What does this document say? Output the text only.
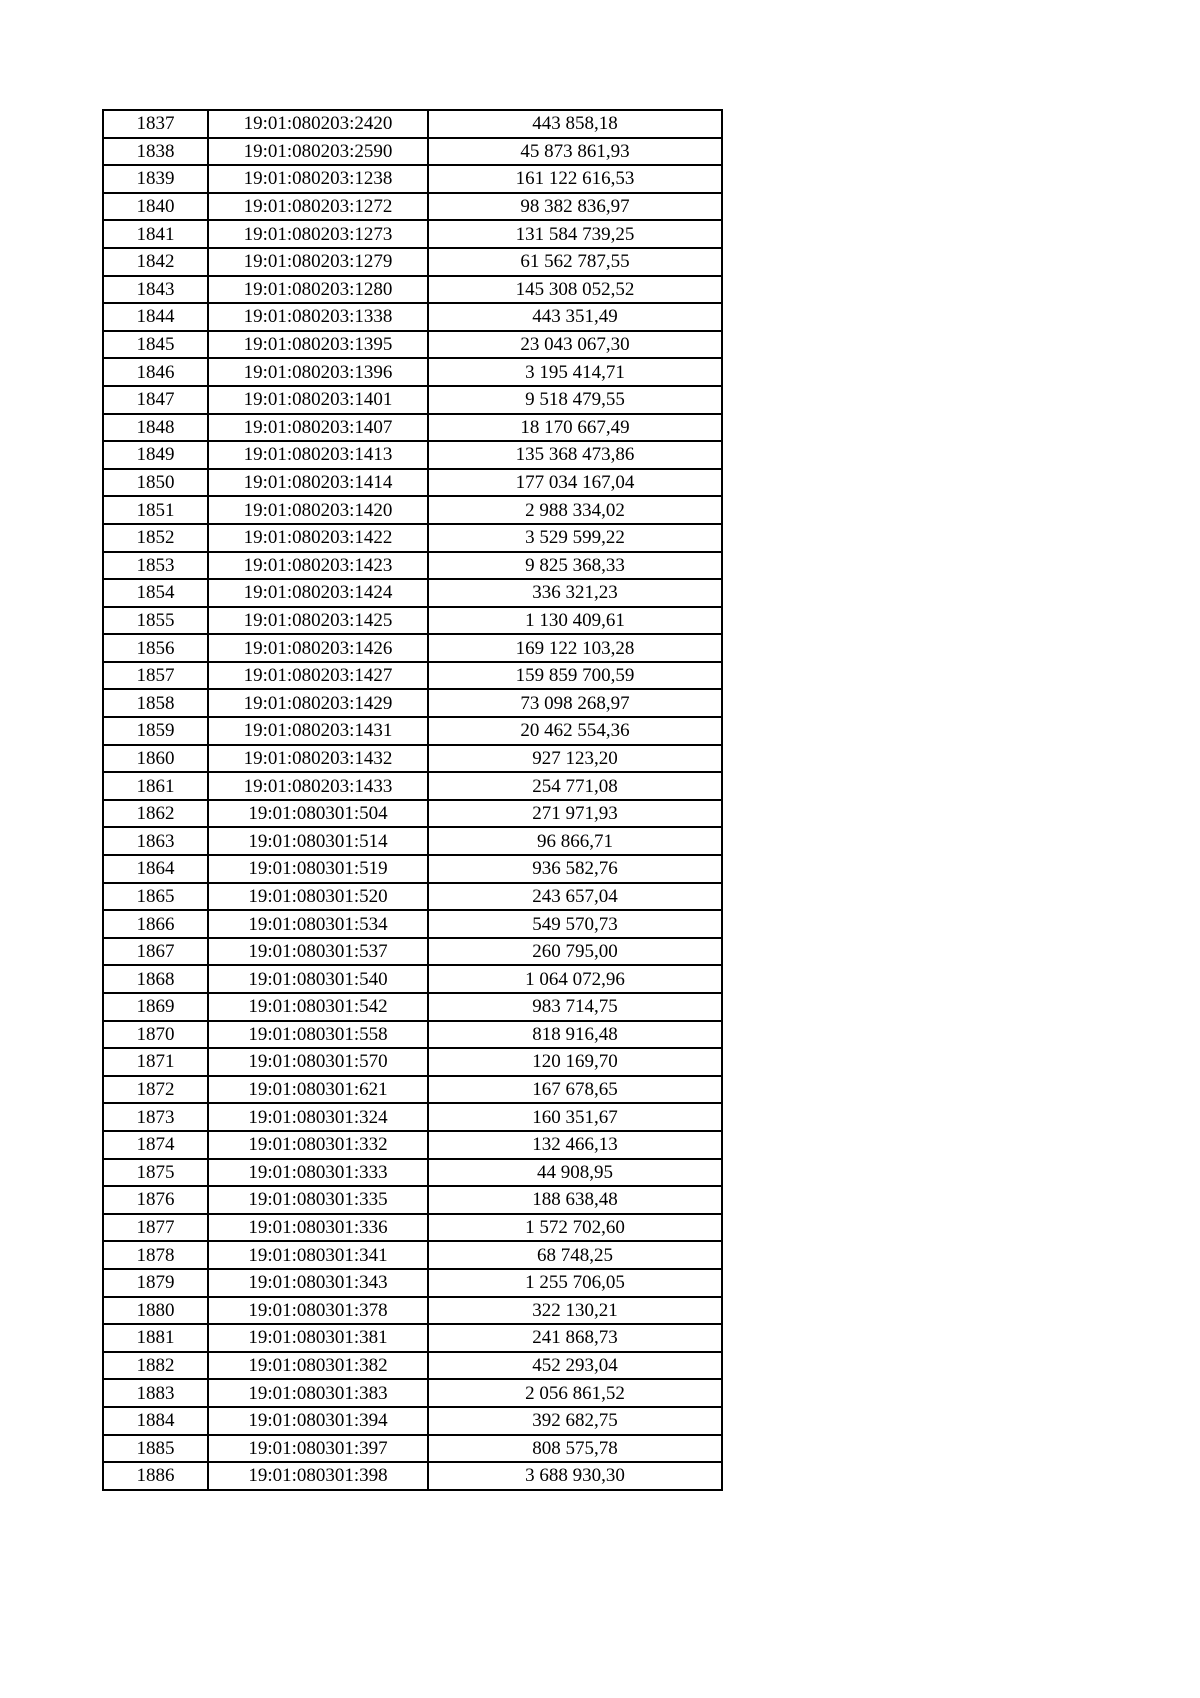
1837	19:01:080203:2420	443 858,18
1838	19:01:080203:2590	45 873 861,93
1839	19:01:080203:1238	161 122 616,53
1840	19:01:080203:1272	98 382 836,97
1841	19:01:080203:1273	131 584 739,25
1842	19:01:080203:1279	61 562 787,55
1843	19:01:080203:1280	145 308 052,52
1844	19:01:080203:1338	443 351,49
1845	19:01:080203:1395	23 043 067,30
1846	19:01:080203:1396	3 195 414,71
1847	19:01:080203:1401	9 518 479,55
1848	19:01:080203:1407	18 170 667,49
1849	19:01:080203:1413	135 368 473,86
1850	19:01:080203:1414	177 034 167,04
1851	19:01:080203:1420	2 988 334,02
1852	19:01:080203:1422	3 529 599,22
1853	19:01:080203:1423	9 825 368,33
1854	19:01:080203:1424	336 321,23
1855	19:01:080203:1425	1 130 409,61
1856	19:01:080203:1426	169 122 103,28
1857	19:01:080203:1427	159 859 700,59
1858	19:01:080203:1429	73 098 268,97
1859	19:01:080203:1431	20 462 554,36
1860	19:01:080203:1432	927 123,20
1861	19:01:080203:1433	254 771,08
1862	19:01:080301:504	271 971,93
1863	19:01:080301:514	96 866,71
1864	19:01:080301:519	936 582,76
1865	19:01:080301:520	243 657,04
1866	19:01:080301:534	549 570,73
1867	19:01:080301:537	260 795,00
1868	19:01:080301:540	1 064 072,96
1869	19:01:080301:542	983 714,75
1870	19:01:080301:558	818 916,48
1871	19:01:080301:570	120 169,70
1872	19:01:080301:621	167 678,65
1873	19:01:080301:324	160 351,67
1874	19:01:080301:332	132 466,13
1875	19:01:080301:333	44 908,95
1876	19:01:080301:335	188 638,48
1877	19:01:080301:336	1 572 702,60
1878	19:01:080301:341	68 748,25
1879	19:01:080301:343	1 255 706,05
1880	19:01:080301:378	322 130,21
1881	19:01:080301:381	241 868,73
1882	19:01:080301:382	452 293,04
1883	19:01:080301:383	2 056 861,52
1884	19:01:080301:394	392 682,75
1885	19:01:080301:397	808 575,78
1886	19:01:080301:398	3 688 930,30
